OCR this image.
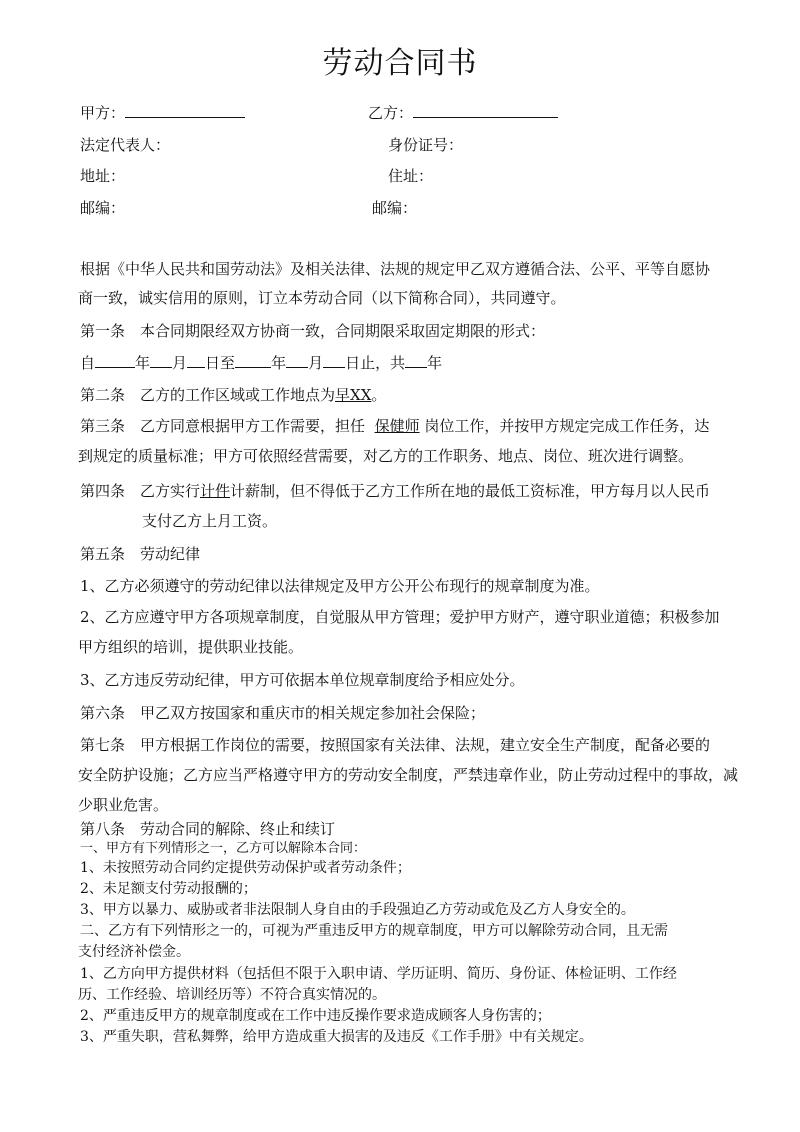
劳动合同书
甲方：	乙方：
法定代表人：	身份证号：
地址：	住址：
邮编：	邮编：
根据《中华人民共和国劳动法》及相关法律、法规的规定甲乙双方遵循合法、公平、平等自愿协
商一致，诚实信用的原则，订立本劳动合同（以下简称合同），共同遵守。
第一条　本合同期限经双方协商一致，合同期限采取固定期限的形式：
自	年 月 日至 年 月 日止，共 年
第二条　乙方的工作区域或工作地点为早XX。
第三条　乙方同意根据甲方工作需要，担任 保健师 岗位工作，并按甲方规定完成工作任务，达
到规定的质量标准；甲方可依照经营需要，对乙方的工作职务、地点、岗位、班次进行调整。
第四条　乙方实行计件计薪制，但不得低于乙方工作所在地的最低工资标准，甲方每月以人民币
支付乙方上月工资。
第五条　劳动纪律
1、乙方必须遵守的劳动纪律以法律规定及甲方公开公布现行的规章制度为准。
2、乙方应遵守甲方各项规章制度，自觉服从甲方管理；爱护甲方财产，遵守职业道德；积极参加
甲方组织的培训，提供职业技能。
3、乙方违反劳动纪律，甲方可依据本单位规章制度给予相应处分。
第六条　甲乙双方按国家和重庆市的相关规定参加社会保险；
第七条　甲方根据工作岗位的需要，按照国家有关法律、法规，建立安全生产制度，配备必要的
安全防护设施；乙方应当严格遵守甲方的劳动安全制度，严禁违章作业，防止劳动过程中的事故，减
少职业危害。
第八条　劳动合同的解除、终止和续订
一、甲方有下列情形之一，乙方可以解除本合同：
1、未按照劳动合同约定提供劳动保护或者劳动条件；
2、未足额支付劳动报酬的；
3、甲方以暴力、威胁或者非法限制人身自由的手段强迫乙方劳动或危及乙方人身安全的。
二、乙方有下列情形之一的，可视为严重违反甲方的规章制度，甲方可以解除劳动合同，且无需
支付经济补偿金。
1、乙方向甲方提供材料（包括但不限于入职申请、学历证明、简历、身份证、体检证明、工作经
历、工作经验、培训经历等）不符合真实情况的。
2、严重违反甲方的规章制度或在工作中违反操作要求造成顾客人身伤害的；
3、严重失职，营私舞弊，给甲方造成重大损害的及违反《工作手册》中有关规定。
